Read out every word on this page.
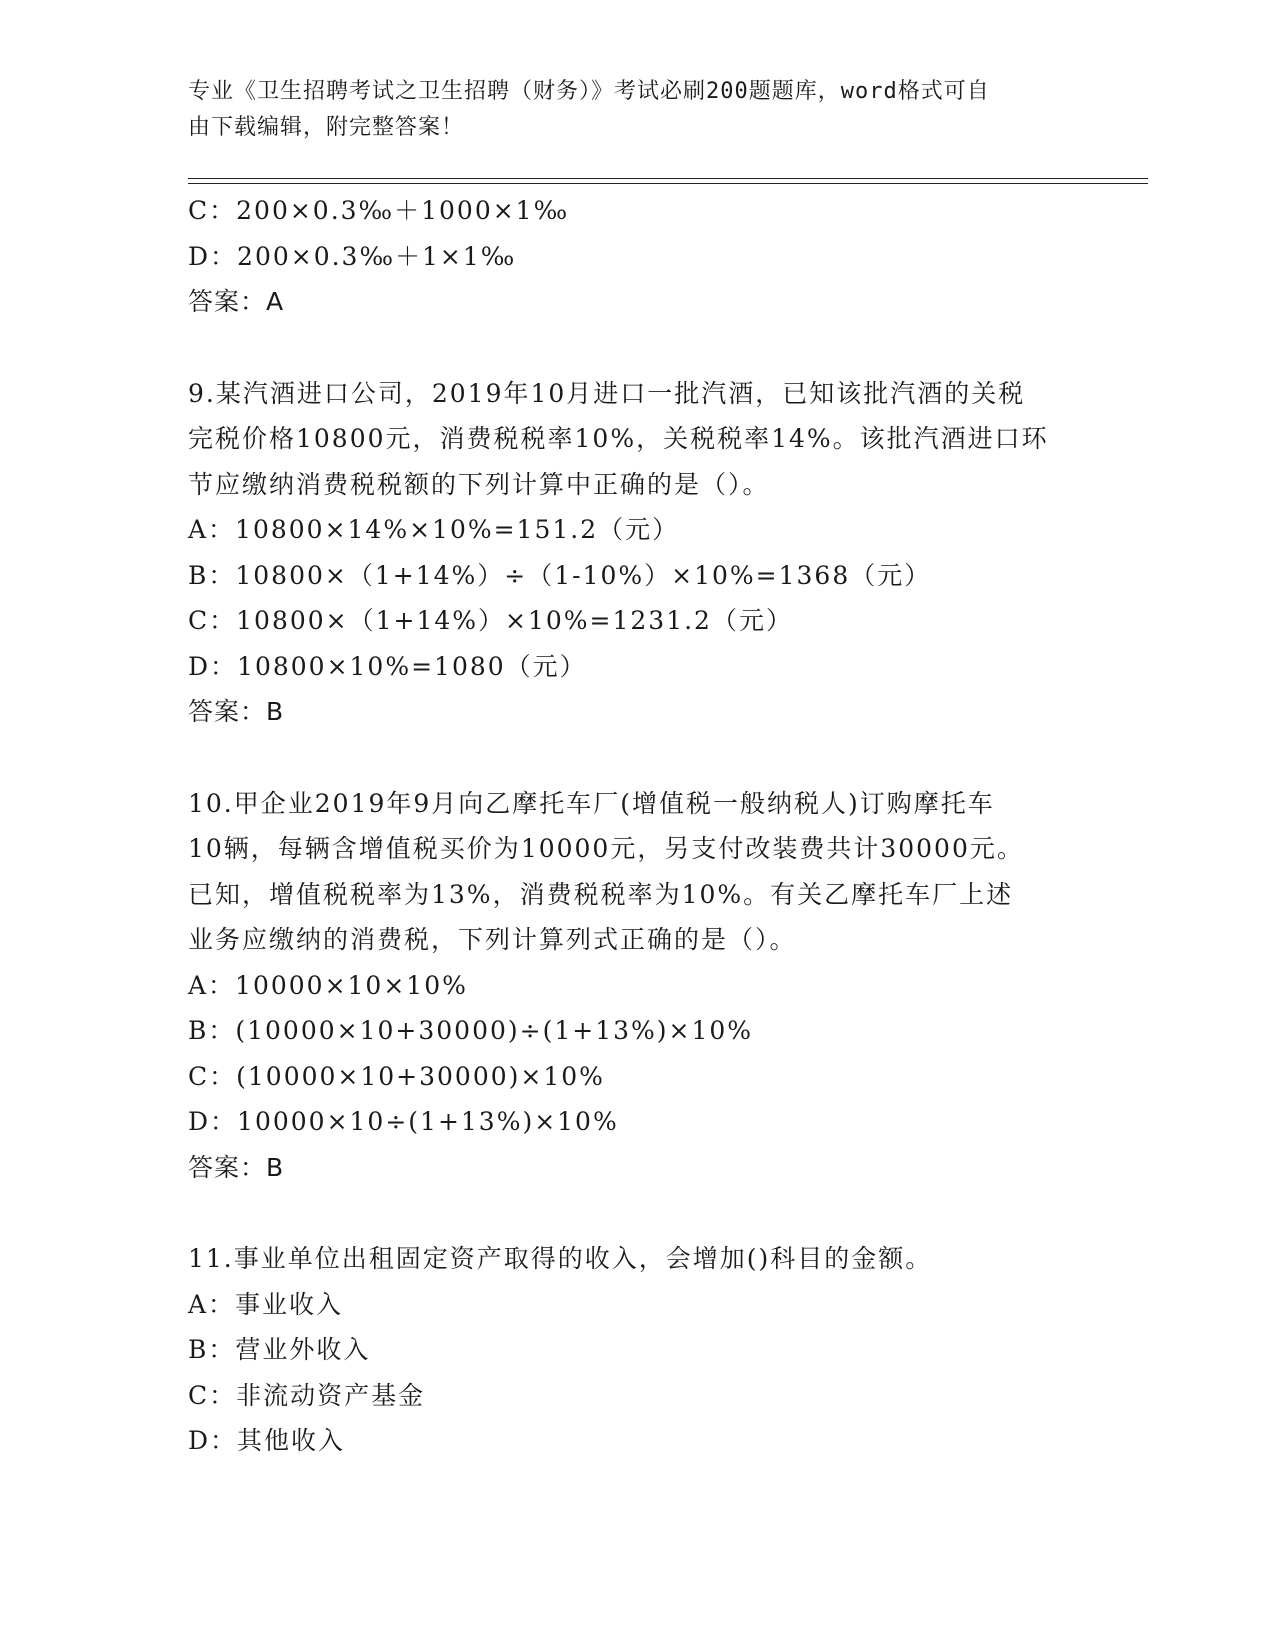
专业《卫生招聘考试之卫生招聘（财务）》考试必刷200题题库，word格式可自
由下载编辑，附完整答案！
C：200×0.3‰＋1000×1‰
D：200×0.3‰＋1×1‰
答案：A
9.某汽酒进口公司，2019年10月进口一批汽酒，已知该批汽酒的关税
完税价格10800元，消费税税率10%，关税税率14%。该批汽酒进口环
节应缴纳消费税税额的下列计算中正确的是（）。
A：10800×14%×10%=151.2（元）
B：10800×（1+14%）÷（1-10%）×10%=1368（元）
C：10800×（1+14%）×10%=1231.2（元）
D：10800×10%=1080（元）
答案：B
10.甲企业2019年9月向乙摩托车厂(增值税一般纳税人)订购摩托车
10辆，每辆含增值税买价为10000元，另支付改装费共计30000元。
已知，增值税税率为13%，消费税税率为10%。有关乙摩托车厂上述
业务应缴纳的消费税，下列计算列式正确的是（）。
A：10000×10×10%
B：(10000×10+30000)÷(1+13%)×10%
C：(10000×10+30000)×10%
D：10000×10÷(1+13%)×10%
答案：B
11.事业单位出租固定资产取得的收入，会增加()科目的金额。
A：事业收入
B：营业外收入
C：非流动资产基金
D：其他收入
